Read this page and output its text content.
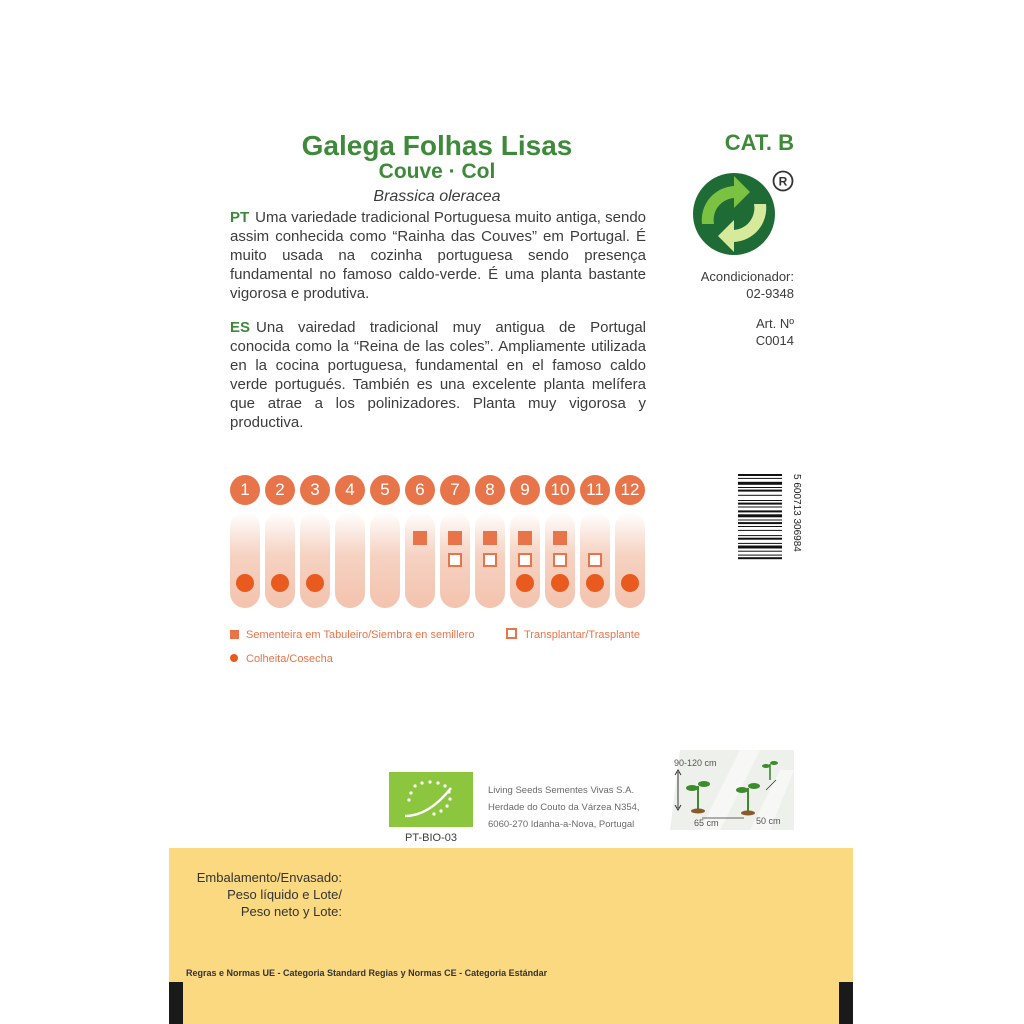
Galega Folhas Lisas
Couve · Col
Brassica oleracea
PT Uma variedade tradicional Portuguesa muito antiga, sendo assim conhecida como “Rainha das Couves” em Portugal. É muito usada na cozinha portuguesa sendo presença fundamental no famoso caldo-verde. É uma planta bastante vigorosa e produtiva.
ES Una vairedad tradicional muy antigua de Portugal conocida como la “Reina de las coles”. Ampliamente utilizada en la cocina portuguesa, fundamental en el famoso caldo verde portugués. También es una excelente planta melífera que atrae a los polinizadores. Planta muy vigorosa y productiva.
CAT. B
R
Acondicionador:
02-9348
Art. Nº
C0014
5 600713 306984
1	2	3	4	5	6	7	8	9	10 11 12
Sementeira em Tabuleiro/Siembra en semillero	Transplantar/Trasplante
Colheita/Cosecha
PT-BIO-03
Living Seeds Sementes Vivas S.A.
Herdade do Couto da Várzea N354,
6060-270 Idanha-a-Nova, Portugal
90-120 cm
65 cm	50 cm
Embalamento/Envasado:
Peso líquido e Lote/
Peso neto y Lote:
Regras e Normas UE - Categoria Standard Regias y Normas CE - Categoria Estándar
